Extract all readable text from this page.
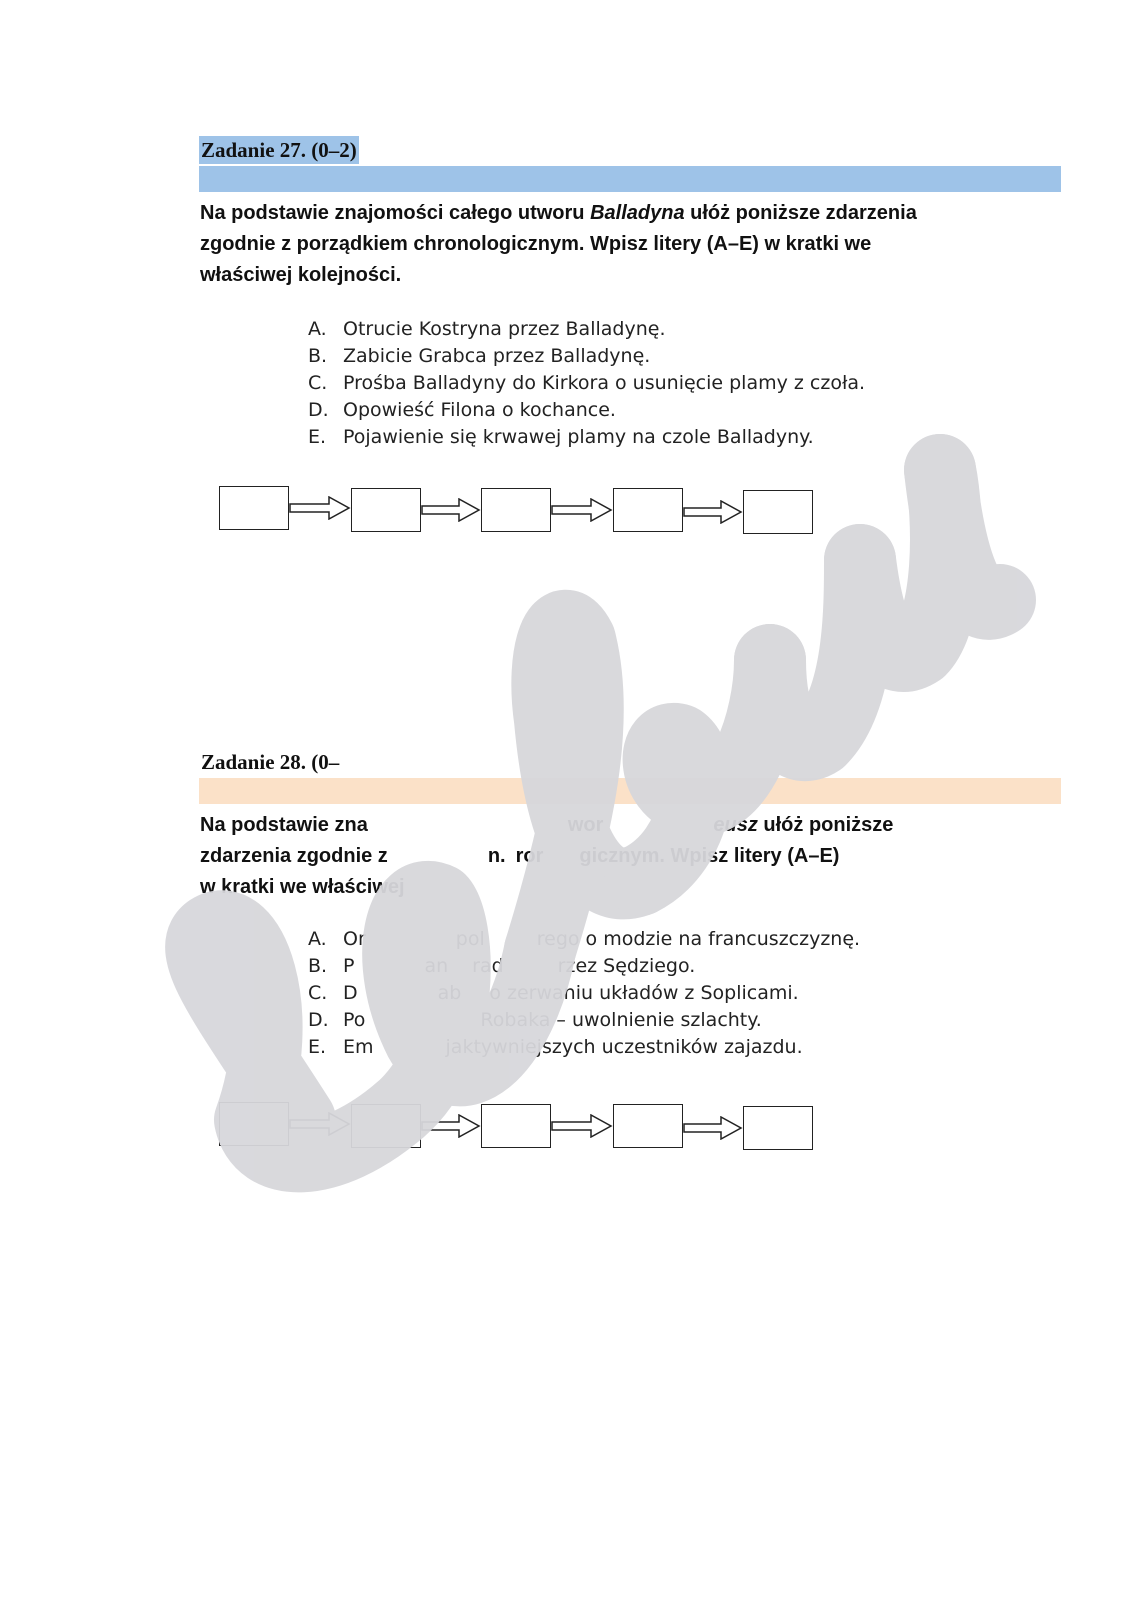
Zadanie 27. (0–2)
Na podstawie znajomości całego utworu Balladyna ułóż poniższe zdarzenia zgodnie z porządkiem chronologicznym. Wpisz litery (A–E) w kratki we właściwej kolejności.
A. Otrucie Kostryna przez Balladynę.
B. Zabicie Grabca przez Balladynę.
C. Prośba Balladyny do Kirkora o usunięcie plamy z czoła.
D. Opowieść Filona o kochance.
E. Pojawienie się krwawej plamy na czole Balladyny.
Zadanie 28. (0–
Na podstawie zna	wor	eusz ułóż poniższe
zdarzenia zgodnie z	n. ror gicznym. Wpisz litery (A–E)
w kratki we właściwej
A. Or	pol	rego o modzie na francuszczyznę.
B. P	an rad	rzez Sędziego.
C. D	ab o zerwaniu układów z Soplicami.
D. Po	Robaka – uwolnienie szlachty.
E. Em	jaktywniejszych uczestników zajazdu.
